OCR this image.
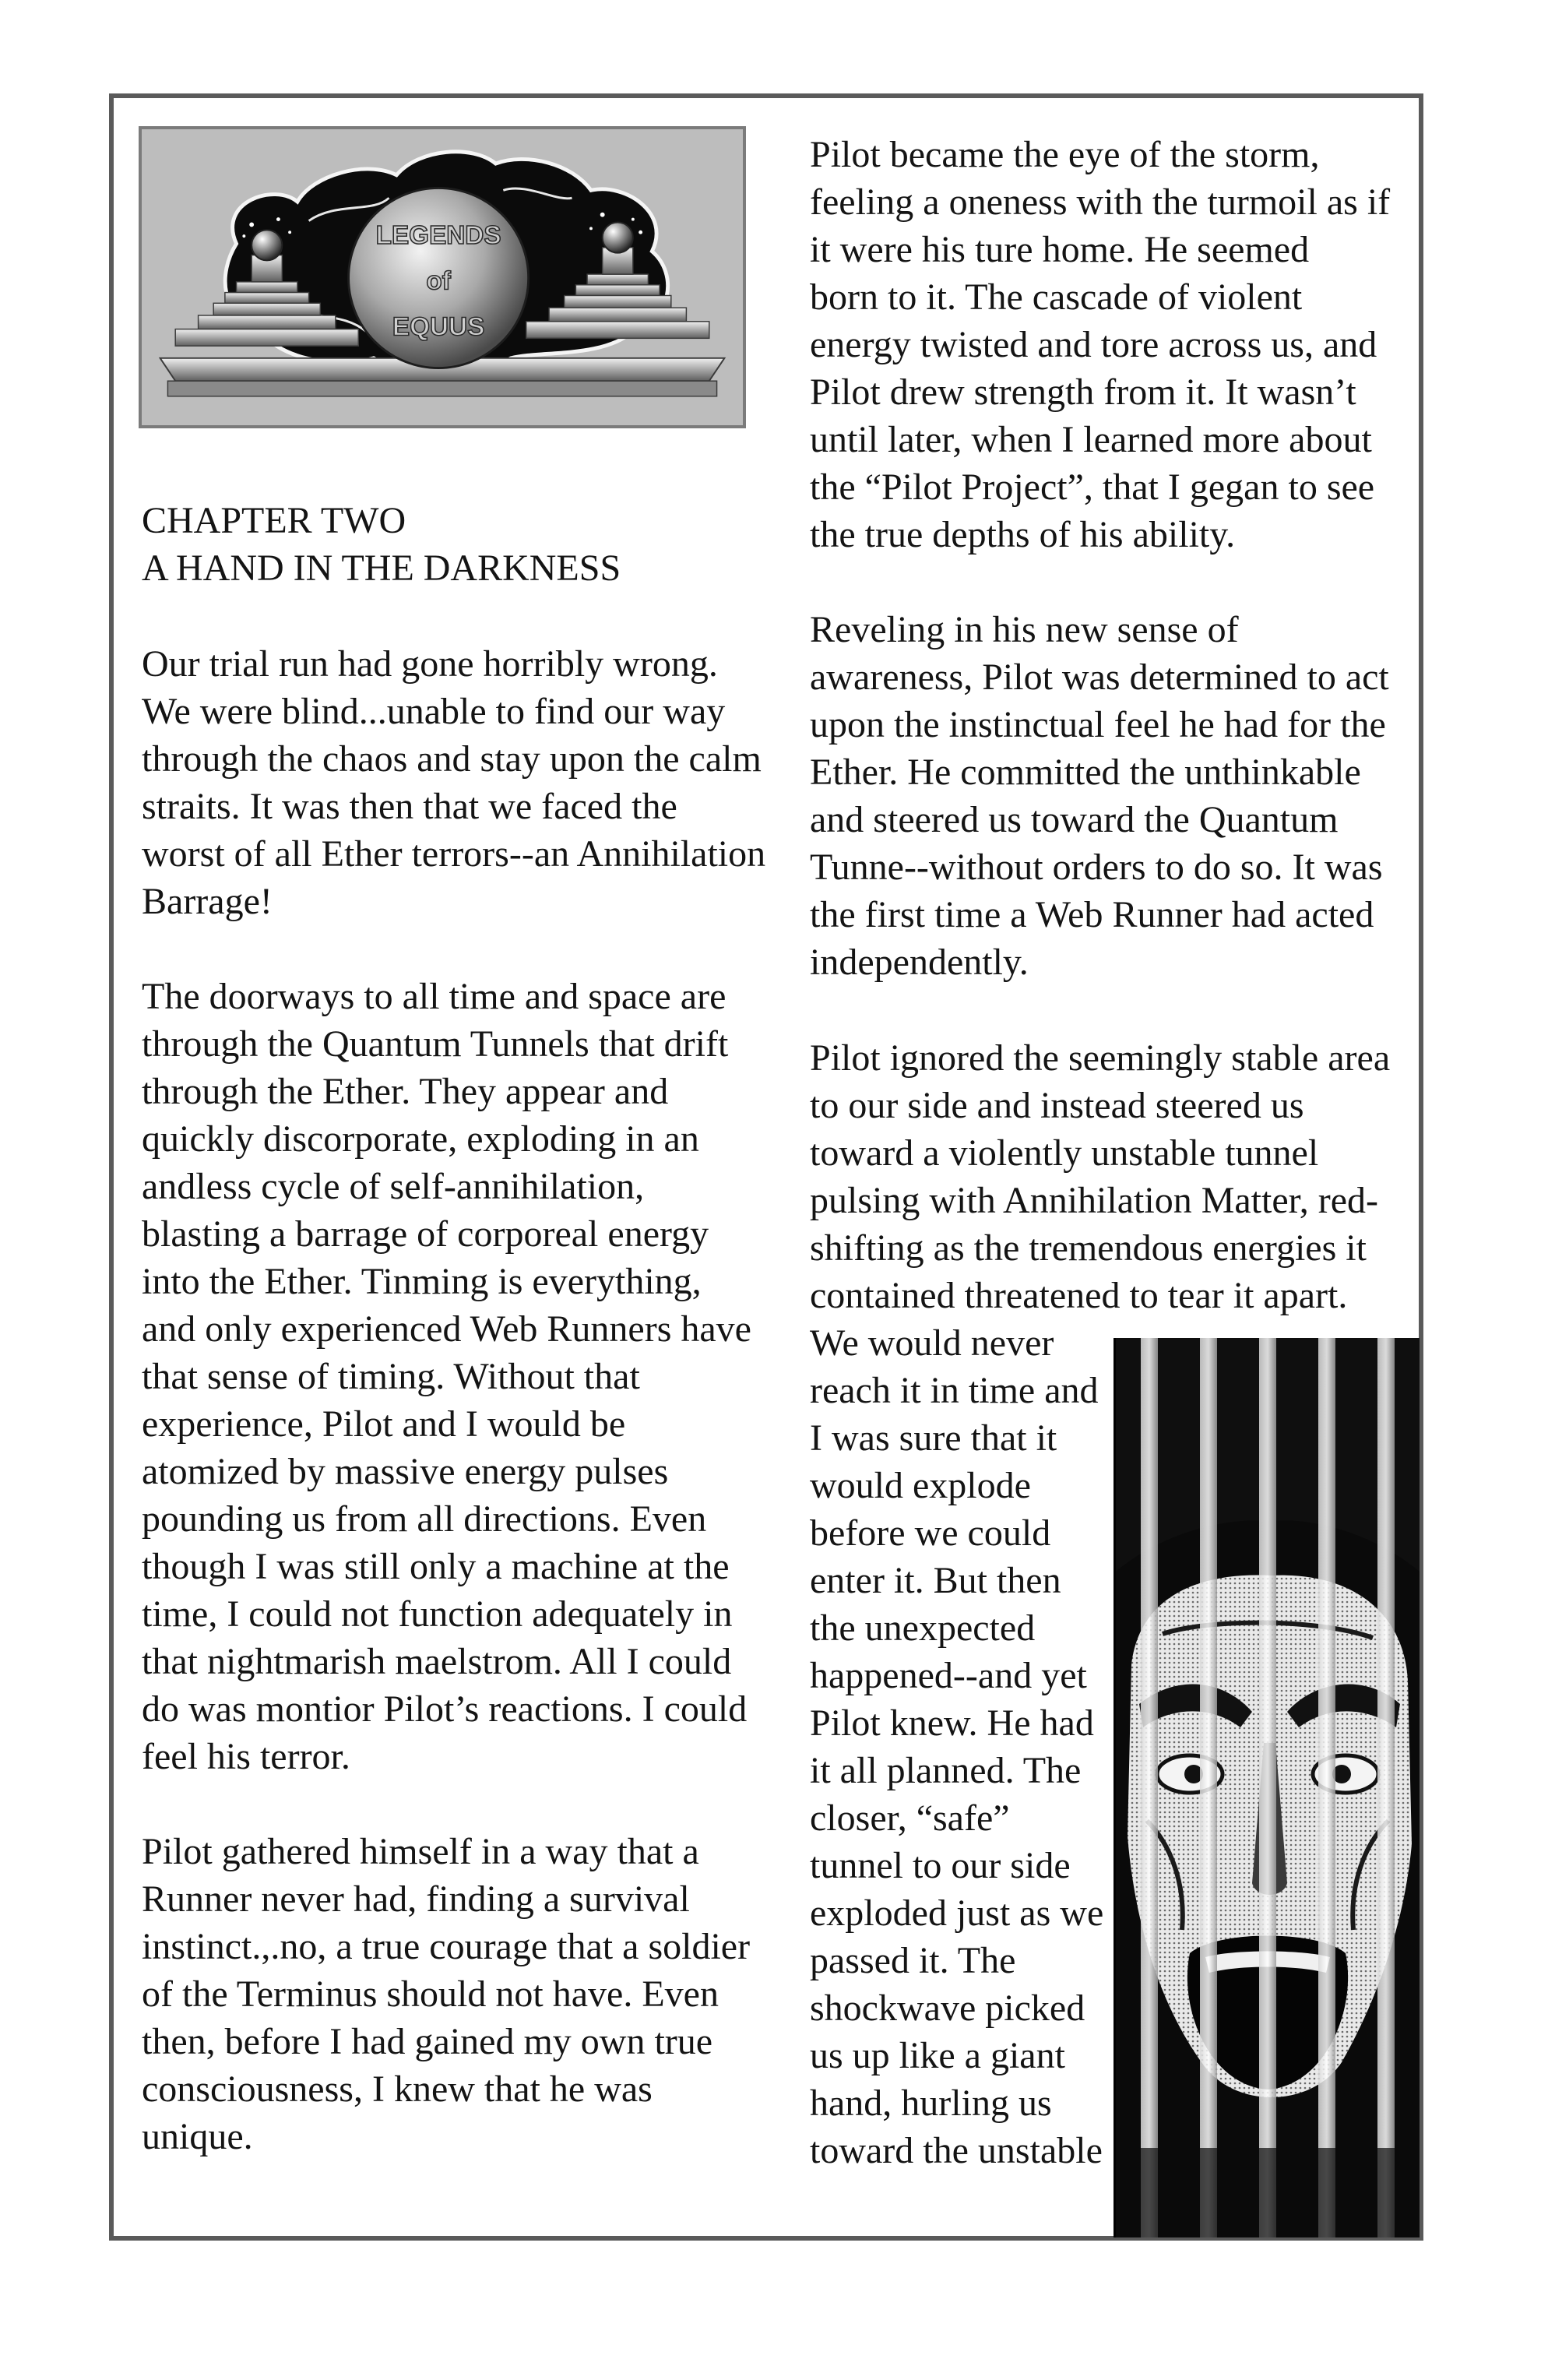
LEGENDS
of
EQUUS

CHAPTER TWO
A HAND IN THE DARKNESS

Our trial run had gone horribly wrong.
We were blind...unable to find our way
through the chaos and stay upon the calm
straits. It was then that we faced the
worst of all Ether terrors--an Annihilation
Barrage!

The doorways to all time and space are
through the Quantum Tunnels that drift
through the Ether. They appear and
quickly discorporate, exploding in an
andless cycle of self-annihilation,
blasting a barrage of corporeal energy
into the Ether. Tinming is everything,
and only experienced Web Runners have
that sense of timing. Without that
experience, Pilot and I would be
atomized by massive energy pulses
pounding us from all directions. Even
though I was still only a machine at the
time, I could not function adequately in
that nightmarish maelstrom. All I could
do was montior Pilot’s reactions. I could
feel his terror.

Pilot gathered himself in a way that a
Runner never had, finding a survival
instinct.,.no, a true courage that a soldier
of the Terminus should not have. Even
then, before I had gained my own true
consciousness, I knew that he was
unique.

Pilot became the eye of the storm,
feeling a oneness with the turmoil as if
it were his ture home. He seemed
born to it. The cascade of violent
energy twisted and tore across us, and
Pilot drew strength from it. It wasn’t
until later, when I learned more about
the “Pilot Project”, that I gegan to see
the true depths of his ability.

Reveling in his new sense of
awareness, Pilot was determined to act
upon the instinctual feel he had for the
Ether. He committed the unthinkable
and steered us toward the Quantum
Tunne--without orders to do so. It was
the first time a Web Runner had acted
independently.

Pilot ignored the seemingly stable area
to our side and instead steered us
toward a violently unstable tunnel
pulsing with Annihilation Matter, red-
shifting as the tremendous energies it
contained threatened to tear it apart.
We would never
reach it in time and
I was sure that it
would explode
before we could
enter it. But then
the unexpected
happened--and yet
Pilot knew. He had
it all planned. The
closer, “safe”
tunnel to our side
exploded just as we
passed it. The
shockwave picked
us up like a giant
hand, hurling us
toward the unstable
